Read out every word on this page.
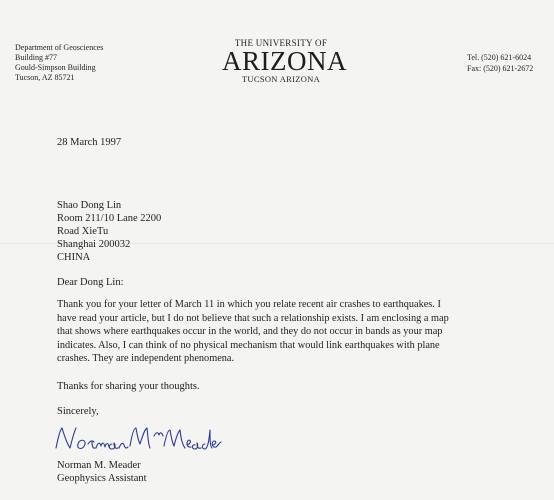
Department of Geosciences
Building #77
Gould-Simpson Building
Tucson, AZ 85721
THE UNIVERSITY OF
ARIZONA
TUCSON ARIZONA
Tel. (520) 621-6024
Fax: (520) 621-2672
28 March 1997
Shao Dong Lin
Room 211/10 Lane 2200
Road XieTu
Shanghai 200032
CHINA
Dear Dong Lin:
Thank you for your letter of March 11 in which you relate recent air crashes to earthquakes. I
have read your article, but I do not believe that such a relationship exists. I am enclosing a map
that shows where earthquakes occur in the world, and they do not occur in bands as your map
indicates. Also, I can think of no physical mechanism that would link earthquakes with plane
crashes. They are independent phenomena.
Thanks for sharing your thoughts.
Sincerely,
Norman M Meader
Norman M. Meader
Geophysics Assistant
